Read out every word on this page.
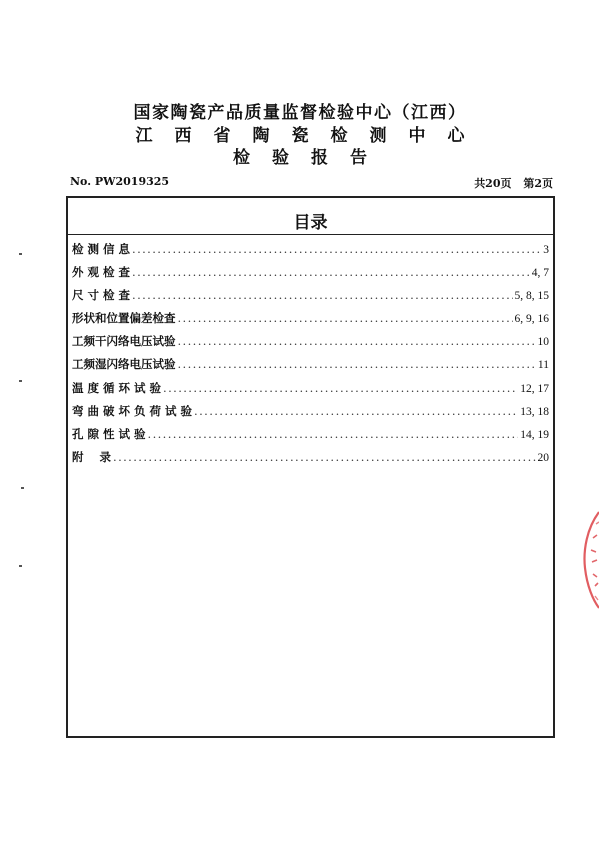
国家陶瓷产品质量监督检验中心（江西）
江西省陶瓷检测中心
检验报告
No. PW2019325	共20页 第2页
目录
检 测 信 息 .....	3
外 观 检 查 .....	4, 7
尺 寸 检 查 .....	5, 8, 15
形状和位置偏差检查 .....	6, 9, 16
工频干闪络电压试验 .....	10
工频湿闪络电压试验 .....	11
温 度 循 环 试 验 .....	12, 17
弯 曲 破 坏 负 荷 试 验 .....	13, 18
孔 隙 性 试 验 .....	14, 19
附    录 .....	20
